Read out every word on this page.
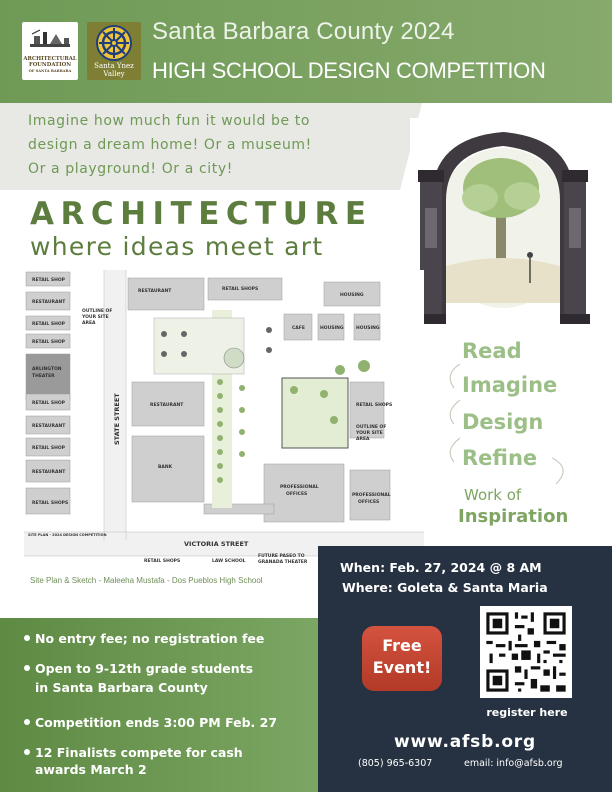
ARCHITECTURAL
FOUNDATION
OF SANTA BARBARA
Santa Ynez
Valley
Santa Barbara County 2024
HIGH SCHOOL DESIGN COMPETITION
Imagine how much fun it would be to
design a dream home! Or a museum!
Or a playground! Or a city!
ARCHITECTURE
where ideas meet art
RETAIL SHOP
RESTAURANT
RETAIL SHOP
RETAIL SHOP
ARLINGTON
THEATER
RETAIL SHOP
RESTAURANT
RETAIL SHOP
RESTAURANT
RETAIL SHOPS
RESTAURANT	RETAIL SHOPS
HOUSING
HOUSING	HOUSING
CAFE
RESTAURANT
BANK
PROFESSIONAL
OFFICES	PROFESSIONAL
OFFICES
RETAIL SHOPS
OUTLINE OF
YOUR SITE
AREA
OUTLINE OF
YOUR SITE
AREA
RETAIL SHOPS	LAW SCHOOL
FUTURE PASEO TO
GRANADA THEATER
SITE PLAN - 2024 DESIGN COMPETITION
VICTORIA STREET
STATE STREET
Site Plan & Sketch - Maleeha Mustafa - Dos Pueblos High School
Read
Imagine
Design
Refine
Work of
Inspiration
When: Feb. 27, 2024 @ 8 AM
Where: Goleta & Santa Maria
Free
Event!
register here
www.afsb.org
(805) 965-6307	email: info@afsb.org
No entry fee; no registration fee
Open to 9-12th grade students
in Santa Barbara County
Competition ends 3:00 PM Feb. 27
12 Finalists compete for cash
awards March 2
